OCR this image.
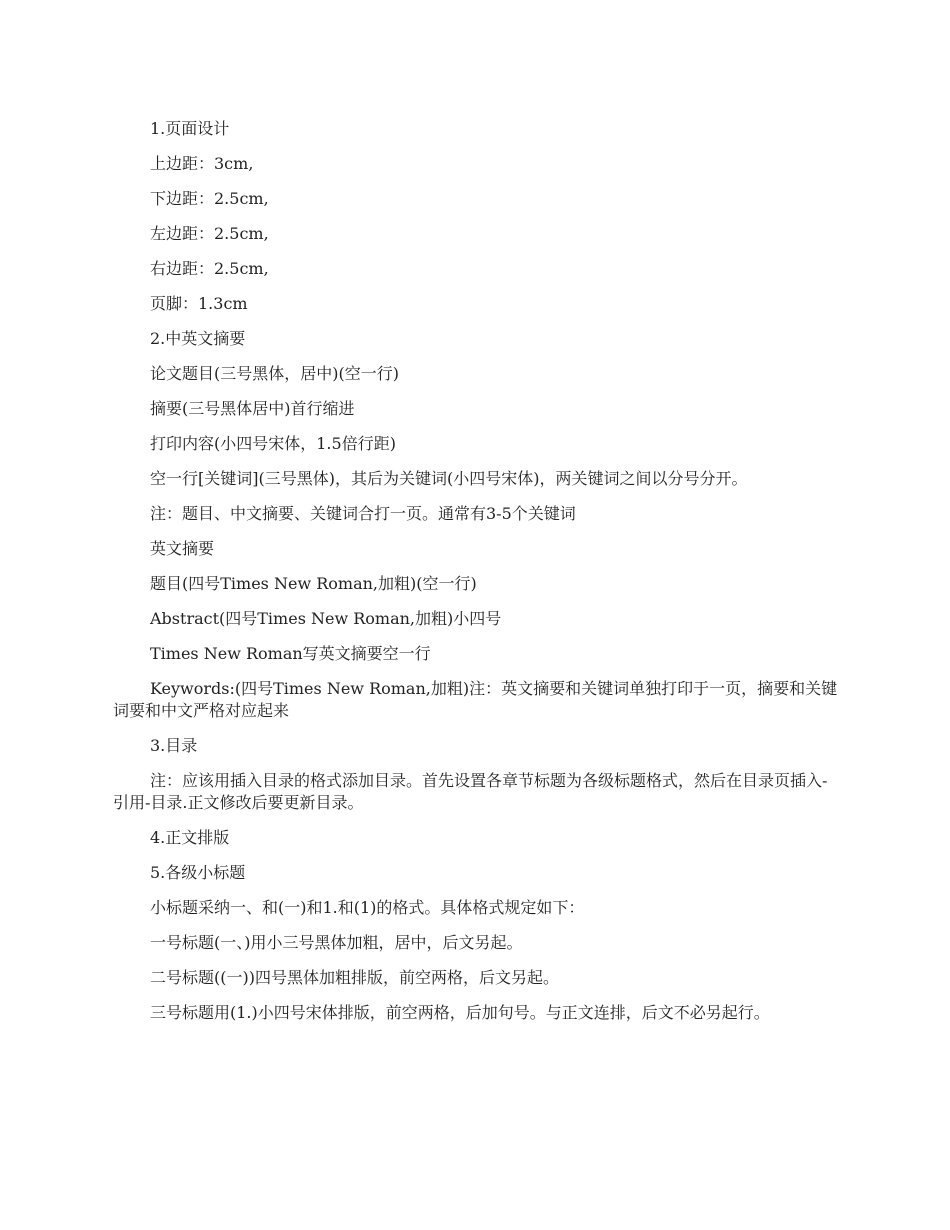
1.页面设计

上边距：3cm,

下边距：2.5cm,

左边距：2.5cm,

右边距：2.5cm,

页脚：1.3cm

2.中英文摘要

论文题目(三号黑体，居中)(空一行)

摘要(三号黑体居中)首行缩进

打印内容(小四号宋体，1.5倍行距)

空一行[关键词](三号黑体)，其后为关键词(小四号宋体)，两关键词之间以分号分开。

注：题目、中文摘要、关键词合打一页。通常有3-5个关键词

英文摘要

题目(四号Times New Roman,加粗)(空一行)

Abstract(四号Times New Roman,加粗)小四号

Times New Roman写英文摘要空一行

Keywords:(四号Times New Roman,加粗)注：英文摘要和关键词单独打印于一页，摘要和关键词要和中文严格对应起来

3.目录

注：应该用插入目录的格式添加目录。首先设置各章节标题为各级标题格式，然后在目录页插入-引用-目录.正文修改后要更新目录。

4.正文排版

5.各级小标题

小标题采纳一、和(一)和1.和(1)的格式。具体格式规定如下：

一号标题(一、)用小三号黑体加粗，居中，后文另起。

二号标题((一))四号黑体加粗排版，前空两格，后文另起。

三号标题用(1.)小四号宋体排版，前空两格，后加句号。与正文连排，后文不必另起行。
